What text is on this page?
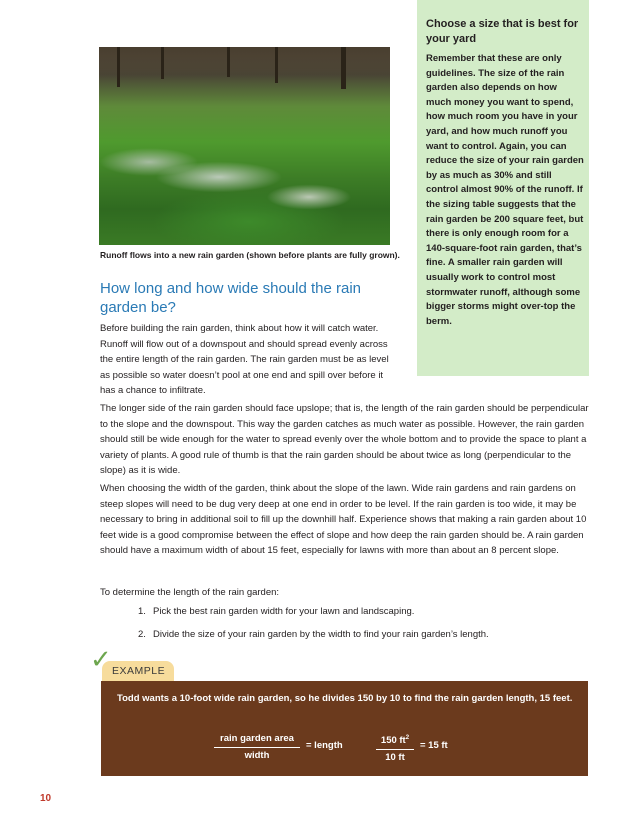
Runoff flows into a new rain garden (shown before plants are fully grown).
Choose a size that is best for your yard
Remember that these are only guidelines. The size of the rain garden also depends on how much money you want to spend, how much room you have in your yard, and how much runoff you want to control. Again, you can reduce the size of your rain garden by as much as 30% and still control almost 90% of the runoff. If the sizing table suggests that the rain garden be 200 square feet, but there is only enough room for a 140-square-foot rain garden, that’s fine. A smaller rain garden will usually work to control most stormwater runoff, although some bigger storms might over-top the berm.
How long and how wide should the rain garden be?
Before building the rain garden, think about how it will catch water. Runoff will flow out of a downspout and should spread evenly across the entire length of the rain garden. The rain garden must be as level as possible so water doesn’t pool at one end and spill over before it has a chance to infiltrate.
The longer side of the rain garden should face upslope; that is, the length of the rain garden should be perpendicular to the slope and the downspout. This way the garden catches as much water as possible. However, the rain garden should still be wide enough for the water to spread evenly over the whole bottom and to provide the space to plant a variety of plants. A good rule of thumb is that the rain garden should be about twice as long (perpendicular to the slope) as it is wide.
When choosing the width of the garden, think about the slope of the lawn. Wide rain gardens and rain gardens on steep slopes will need to be dug very deep at one end in order to be level. If the rain garden is too wide, it may be necessary to bring in additional soil to fill up the downhill half. Experience shows that making a rain garden about 10 feet wide is a good compromise between the effect of slope and how deep the rain garden should be. A rain garden should have a maximum width of about 15 feet, especially for lawns with more than about an 8 percent slope.
To determine the length of the rain garden:
1. Pick the best rain garden width for your lawn and landscaping.
2. Divide the size of your rain garden by the width to find your rain garden’s length.
EXAMPLE
✓
Todd wants a 10-foot wide rain garden, so he divides 150 by 10 to find the rain garden length, 15 feet.
rain garden area
width
= length	$\frac{150 ft^2}{10 ft} = 15$ ft
10
